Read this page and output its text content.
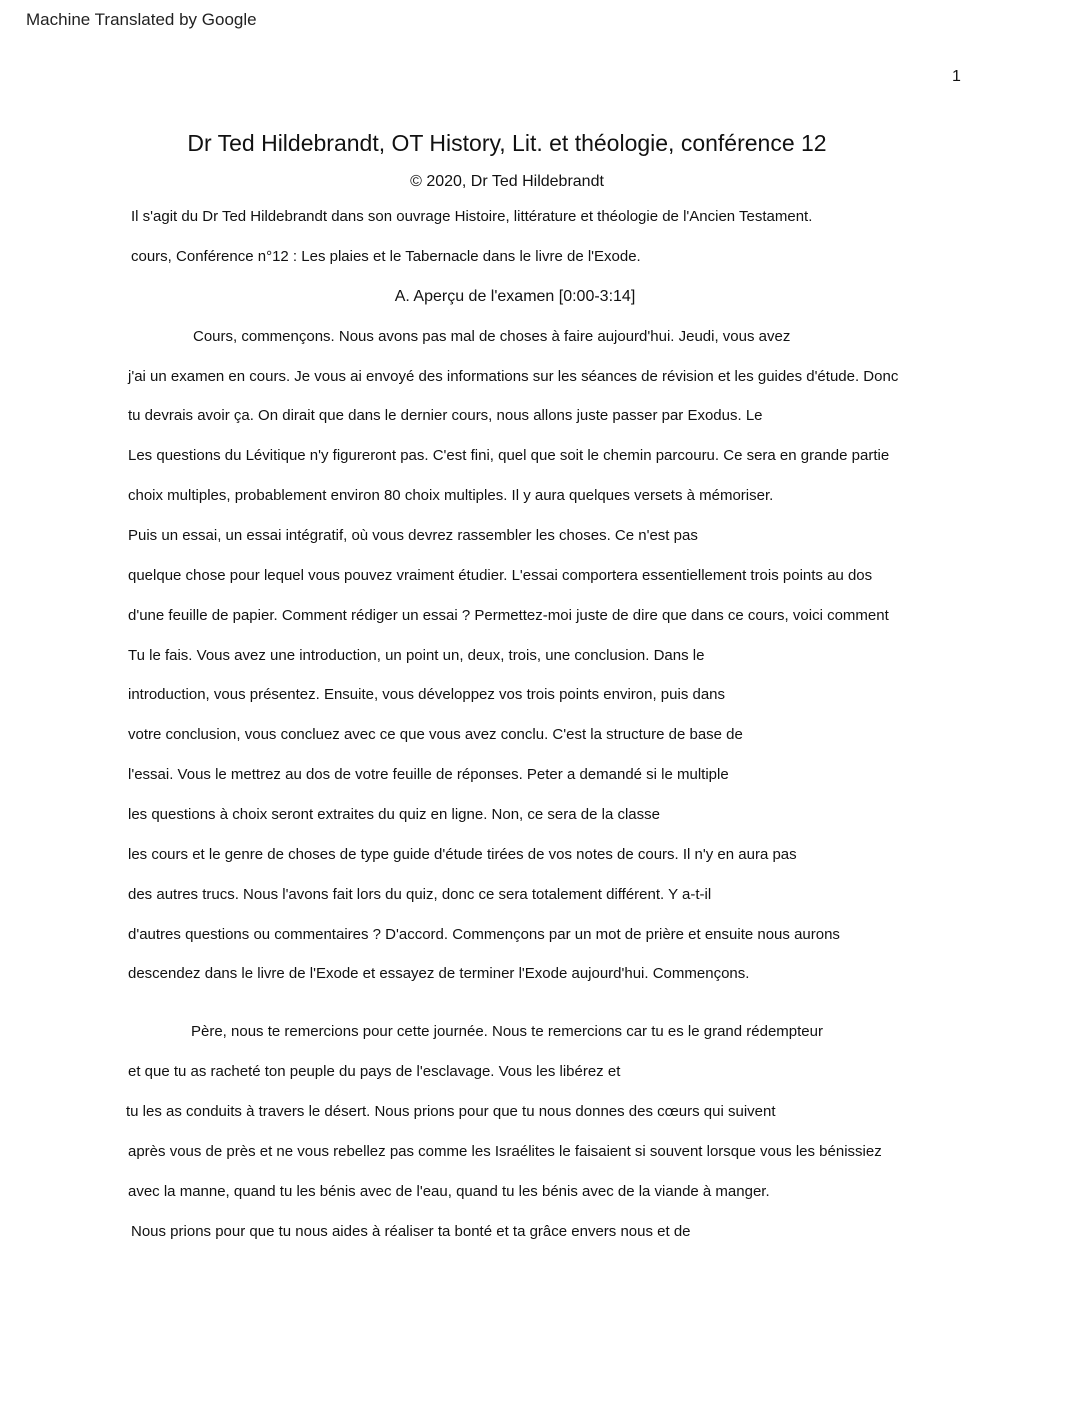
Machine Translated by Google
1
Dr Ted Hildebrandt, OT History, Lit. et théologie, conférence 12
© 2020, Dr Ted Hildebrandt
Il s'agit du Dr Ted Hildebrandt dans son ouvrage Histoire, littérature et théologie de l'Ancien Testament.
cours, Conférence n°12 : Les plaies et le Tabernacle dans le livre de l'Exode.
A. Aperçu de l'examen [0:00-3:14]
Cours, commençons. Nous avons pas mal de choses à faire aujourd'hui. Jeudi, vous avez
j'ai un examen en cours. Je vous ai envoyé des informations sur les séances de révision et les guides d'étude. Donc
tu devrais avoir ça. On dirait que dans le dernier cours, nous allons juste passer par Exodus. Le
Les questions du Lévitique n'y figureront pas. C'est fini, quel que soit le chemin parcouru. Ce sera en grande partie
choix multiples, probablement environ 80 choix multiples. Il y aura quelques versets à mémoriser.
Puis un essai, un essai intégratif, où vous devrez rassembler les choses. Ce n'est pas
quelque chose pour lequel vous pouvez vraiment étudier. L'essai comportera essentiellement trois points au dos
d'une feuille de papier. Comment rédiger un essai ? Permettez-moi juste de dire que dans ce cours, voici comment
Tu le fais. Vous avez une introduction, un point un, deux, trois, une conclusion. Dans le
introduction, vous présentez. Ensuite, vous développez vos trois points environ, puis dans
votre conclusion, vous concluez avec ce que vous avez conclu. C'est la structure de base de
l'essai. Vous le mettrez au dos de votre feuille de réponses. Peter a demandé si le multiple
les questions à choix seront extraites du quiz en ligne. Non, ce sera de la classe
les cours et le genre de choses de type guide d'étude tirées de vos notes de cours. Il n'y en aura pas
des autres trucs. Nous l'avons fait lors du quiz, donc ce sera totalement différent. Y a-t-il
d'autres questions ou commentaires ? D'accord. Commençons par un mot de prière et ensuite nous aurons
descendez dans le livre de l'Exode et essayez de terminer l'Exode aujourd'hui. Commençons.
Père, nous te remercions pour cette journée. Nous te remercions car tu es le grand rédempteur
et que tu as racheté ton peuple du pays de l'esclavage. Vous les libérez et
tu les as conduits à travers le désert. Nous prions pour que tu nous donnes des cœurs qui suivent
après vous de près et ne vous rebellez pas comme les Israélites le faisaient si souvent lorsque vous les bénissiez
avec la manne, quand tu les bénis avec de l'eau, quand tu les bénis avec de la viande à manger.
Nous prions pour que tu nous aides à réaliser ta bonté et ta grâce envers nous et de
